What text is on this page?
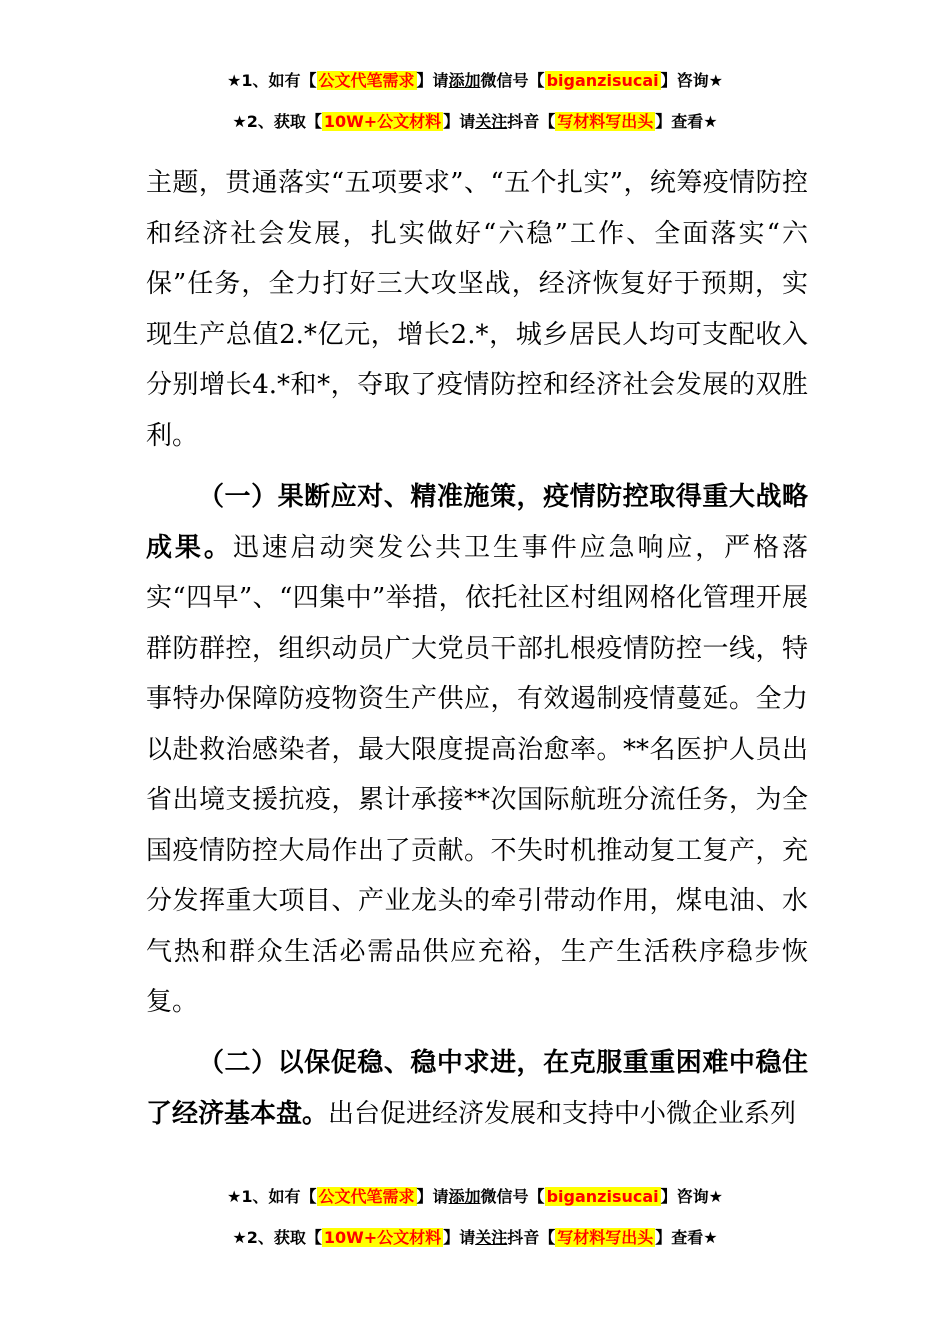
★1、如有【 公文代笔需求 】请添加微信号【 biganzisucai 】咨询★
★2、获取【 10W+公文材料 】请关注抖音【 写材料写出头 】查看★
主题，贯通落实“五项要求”、“五个扎实”，统筹疫情防控和经济社会发展，扎实做好“六稳”工作、全面落实“六保”任务，全力打好三大攻坚战，经济恢复好于预期，实现生产总值2.*亿元，增长2.*，城乡居民人均可支配收入分别增长4.*和*，夺取了疫情防控和经济社会发展的双胜利。
（一）果断应对、精准施策，疫情防控取得重大战略成果。迅速启动突发公共卫生事件应急响应，严格落实“四早”、“四集中”举措，依托社区村组网格化管理开展群防群控，组织动员广大党员干部扎根疫情防控一线，特事特办保障防疫物资生产供应，有效遏制疫情蔓延。全力以赴救治感染者，最大限度提高治愈率。**名医护人员出省出境支援抗疫，累计承接**次国际航班分流任务，为全国疫情防控大局作出了贡献。不失时机推动复工复产，充分发挥重大项目、产业龙头的牵引带动作用，煤电油、水气热和群众生活必需品供应充裕，生产生活秩序稳步恢复。
（二）以保促稳、稳中求进，在克服重重困难中稳住了经济基本盘。出台促进经济发展和支持中小微企业系列
★1、如有【 公文代笔需求 】请添加微信号【 biganzisucai 】咨询★
★2、获取【 10W+公文材料 】请关注抖音【 写材料写出头 】查看★
